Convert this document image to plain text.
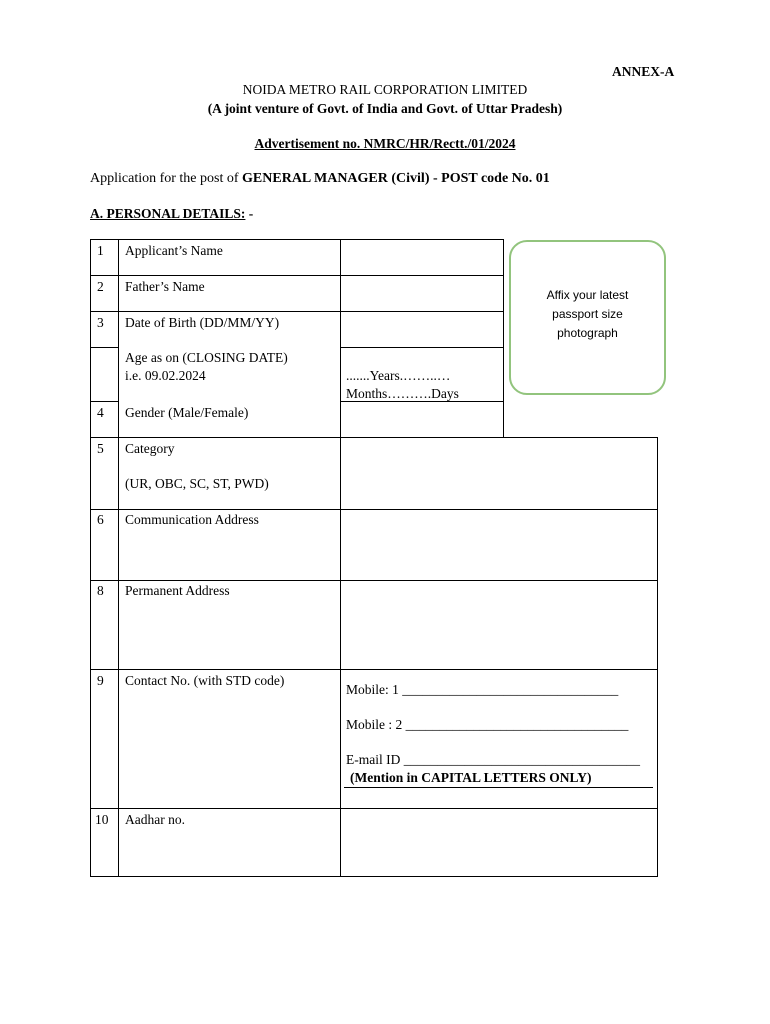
ANNEX-A
NOIDA METRO RAIL CORPORATION LIMITED
(A joint venture of Govt. of India and Govt. of Uttar Pradesh)
Advertisement no. NMRC/HR/Rectt./01/2024
Application for the post of GENERAL MANAGER (Civil) - POST code No. 01
A. PERSONAL DETAILS: -
1
2
3
4
5
6
8
9
10
Applicant’s Name
Father’s Name
Date of Birth (DD/MM/YY)
Age as on (CLOSING DATE)
i.e. 09.02.2024
Gender (Male/Female)
Category
(UR, OBC, SC, ST, PWD)
Communication Address
Permanent Address
Contact No. (with STD code)
Aadhar no.
.......Years.……..…
Months……….Days
Mobile: 1 ________________________________
Mobile : 2 _________________________________
E-mail ID ___________________________________
(Mention in CAPITAL LETTERS ONLY)
Affix your latest
passport size
photograph
